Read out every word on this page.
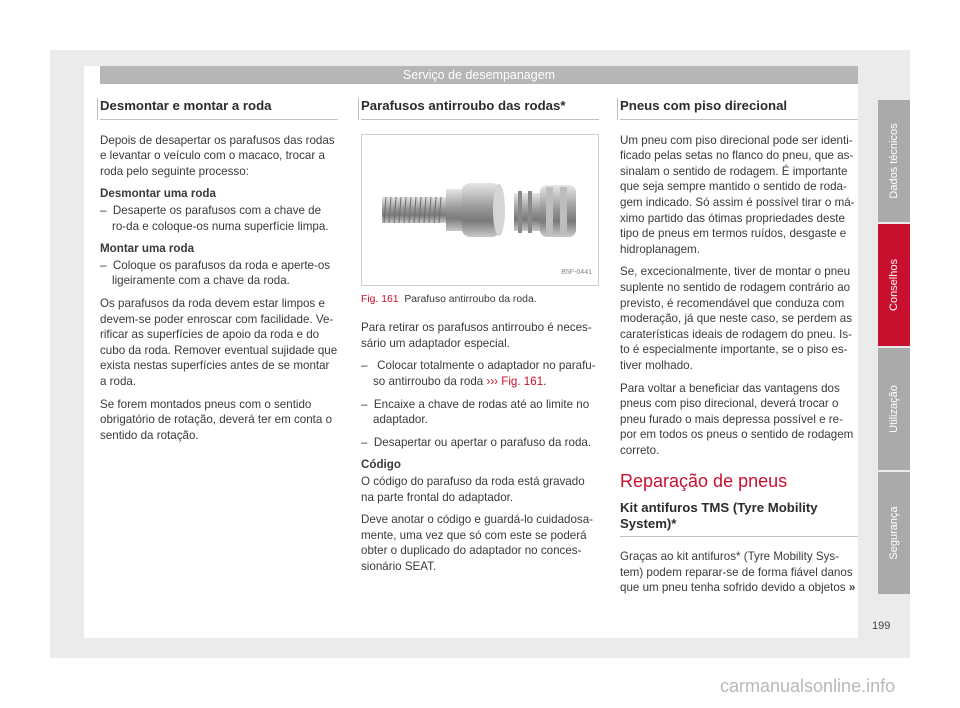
Serviço de desempanagem
Desmontar e montar a roda

Depois de desapertar os parafusos das rodas e levantar o veículo com o macaco, trocar a roda pelo seguinte processo:

Desmontar uma roda

–  Desaperte os parafusos com a chave de ro-da e coloque-os numa superfície limpa.

Montar uma roda

–  Coloque os parafusos da roda e aperte-os ligeiramente com a chave da roda.

Os parafusos da roda devem estar limpos e devem-se poder enroscar com facilidade. Ve-rificar as superfícies de apoio da roda e do cubo da roda. Remover eventual sujidade que exista nestas superfícies antes de se montar a roda.

Se forem montados pneus com o sentido obrigatório de rotação, deverá ter em conta o sentido da rotação.

Parafusos antirroubo das rodas*
B5F-0441
Fig. 161 Parafuso antirroubo da roda.

Para retirar os parafusos antirroubo é neces-sário um adaptador especial.

–  Colocar totalmente o adaptador no parafu-so antirroubo da roda ››› Fig. 161.

–  Encaixe a chave de rodas até ao limite no adaptador.

–  Desapertar ou apertar o parafuso da roda.

Código

O código do parafuso da roda está gravado na parte frontal do adaptador.

Deve anotar o código e guardá-lo cuidadosa-mente, uma vez que só com este se poderá obter o duplicado do adaptador no conces-sionário SEAT.

Pneus com piso direcional

Um pneu com piso direcional pode ser identi-ficado pelas setas no flanco do pneu, que as-sinalam o sentido de rodagem. É importante que seja sempre mantido o sentido de roda-gem indicado. Só assim é possível tirar o má-ximo partido das ótimas propriedades deste tipo de pneus em termos ruídos, desgaste e hidroplanagem.

Se, excecionalmente, tiver de montar o pneu suplente no sentido de rodagem contrário ao previsto, é recomendável que conduza com moderação, já que neste caso, se perdem as caraterísticas ideais de rodagem do pneu. Is-to é especialmente importante, se o piso es-tiver molhado.

Para voltar a beneficiar das vantagens dos pneus com piso direcional, deverá trocar o pneu furado o mais depressa possível e re-por em todos os pneus o sentido de rodagem correto.

Reparação de pneus
Kit antifuros TMS (Tyre Mobility System)*

Graças ao kit antifuros* (Tyre Mobility Sys-tem) podem reparar-se de forma fiável danos que um pneu tenha sofrido devido a objetos »

Dados técnicos
Conselhos
Utilização
Segurança
199
carmanualsonline.info
